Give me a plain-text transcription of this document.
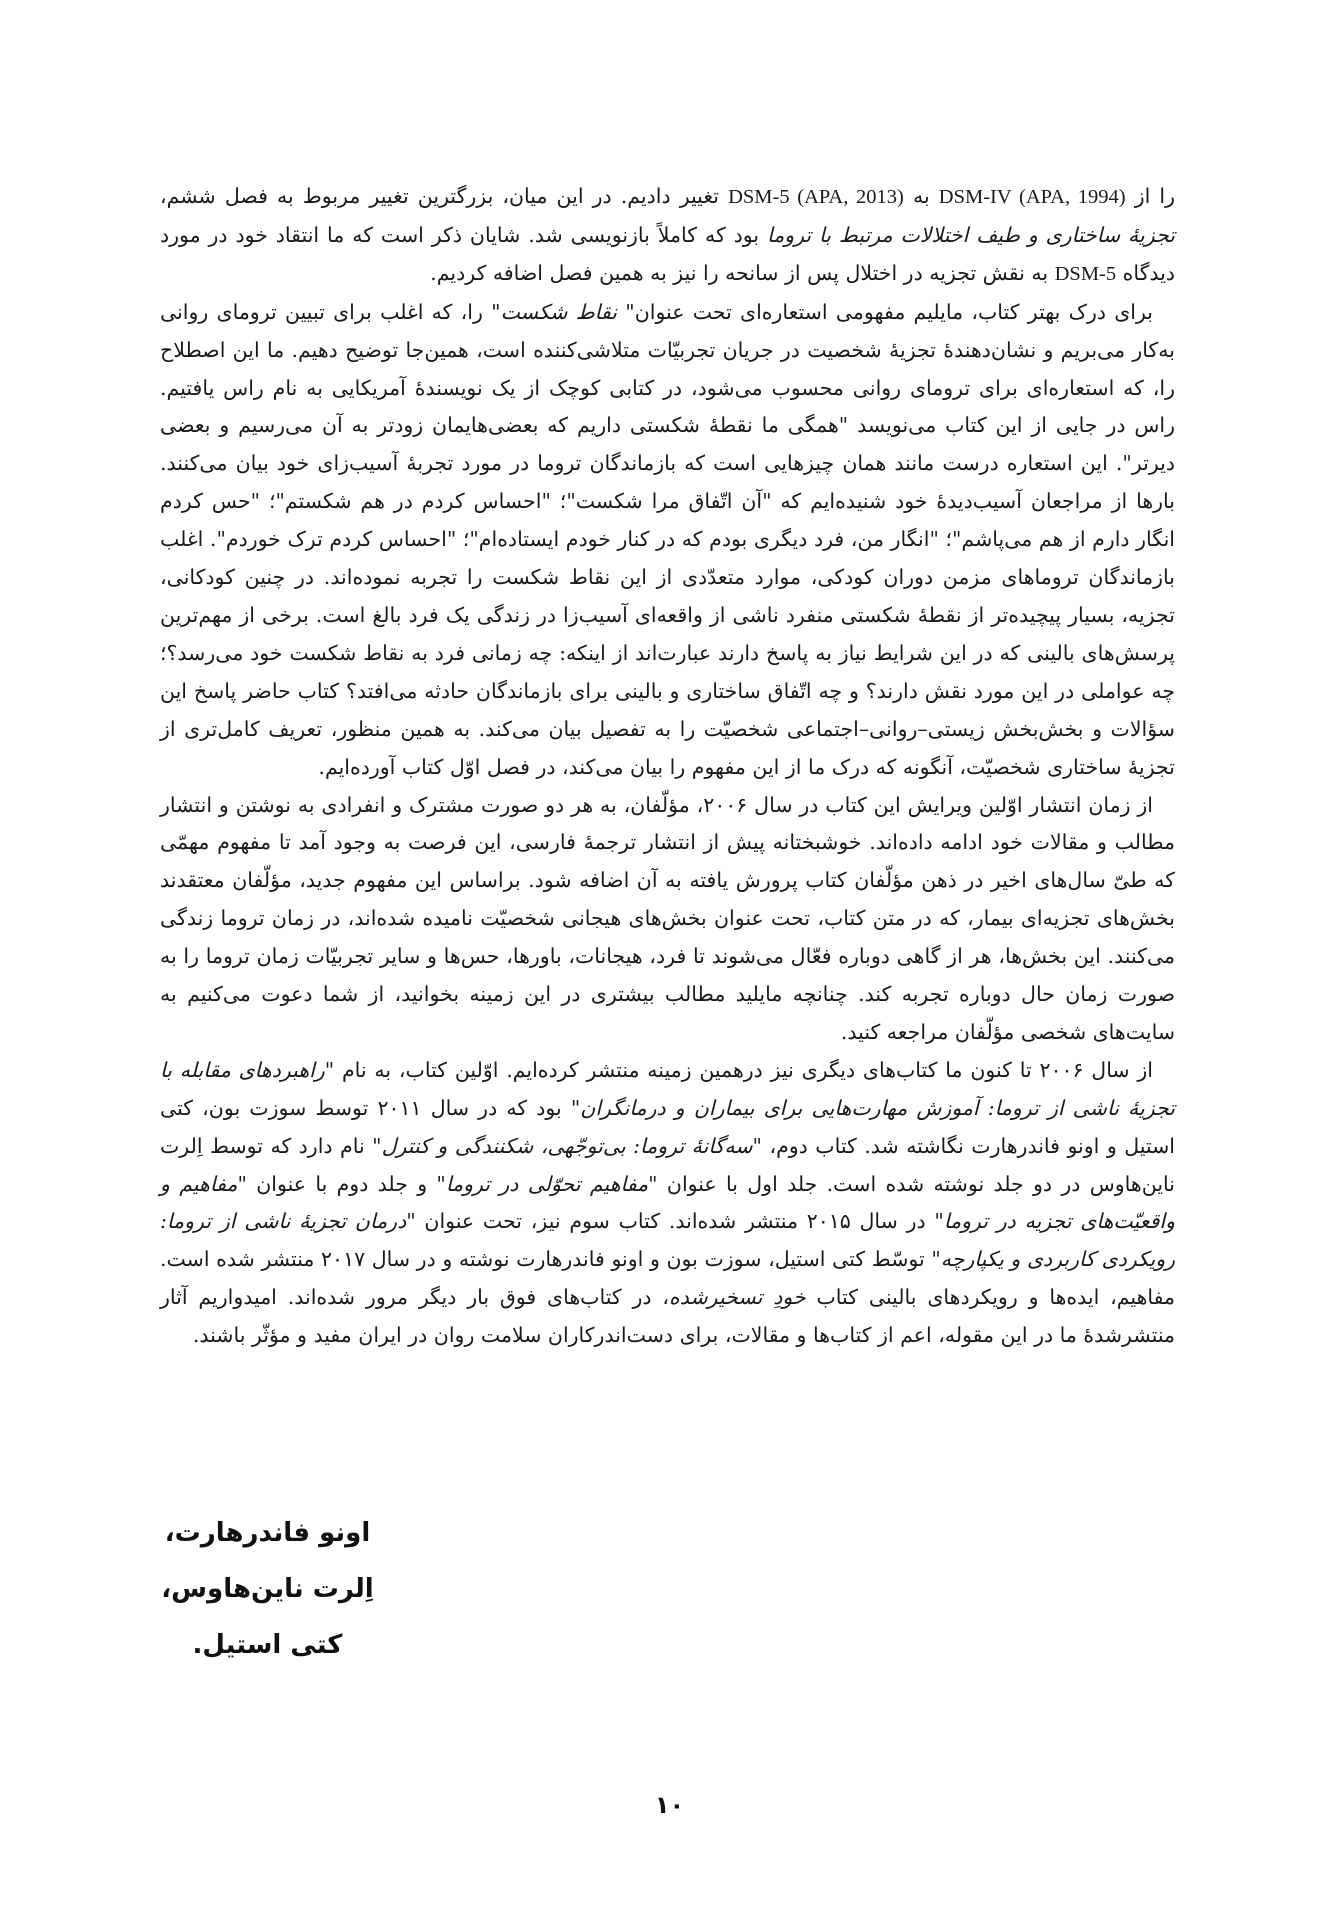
را از DSM-IV (APA, 1994) به DSM-5 (APA, 2013) تغییر دادیم. در این میان، بزرگترین تغییر مربوط به فصل ششم، تجزیهٔ ساختاری و طیف اختلالات مرتبط با تروما بود که کاملاً بازنویسی شد. شایان ذکر است که ما انتقاد خود در مورد دیدگاه DSM-5 به نقش تجزیه در اختلال پس از سانحه را نیز به همین فصل اضافه کردیم.

برای درک بهتر کتاب، مایلیم مفهومی استعاره‌ای تحت عنوان" نقاط شکست" را، که اغلب برای تبیین ترومای روانی به‌کار می‌بریم و نشان‌دهندهٔ تجزیهٔ شخصیت در جریان تجربیّات متلاشی‌کننده است، همین‌جا توضیح دهیم. ما این اصطلاح را، که استعاره‌ای برای ترومای روانی محسوب می‌شود، در کتابی کوچک از یک نویسندهٔ آمریکایی به نام راس یافتیم. راس در جایی از این کتاب می‌نویسد "همگی ما نقطهٔ شکستی داریم که بعضی‌هایمان زودتر به آن می‌رسیم و بعضی دیرتر". این استعاره درست مانند همان چیزهایی است که بازماندگان تروما در مورد تجربهٔ آسیب‌زای خود بیان می‌کنند. بارها از مراجعان آسیب‌دیدهٔ خود شنیده‌ایم که "آن اتّفاق مرا شکست"؛ "احساس کردم در هم شکستم"؛ "حس کردم انگار دارم از هم می‌پاشم"؛ "انگار من، فرد دیگری بودم که در کنار خودم ایستاده‌ام"؛ "احساس کردم ترک خوردم". اغلب بازماندگان تروماهای مزمن دوران کودکی، موارد متعدّدی از این نقاط شکست را تجربه نموده‌اند. در چنین کودکانی، تجزیه، بسیار پیچیده‌تر از نقطهٔ شکستی منفرد ناشی از واقعه‌ای آسیب‌زا در زندگی یک فرد بالغ است. برخی از مهم‌ترین پرسش‌های بالینی که در این شرایط نیاز به پاسخ دارند عبارت‌اند از اینکه: چه زمانی فرد به نقاط شکست خود می‌رسد؟؛ چه عواملی در این مورد نقش دارند؟ و چه اتّفاق ساختاری و بالینی برای بازماندگان حادثه می‌افتد؟ کتاب حاضر پاسخ این سؤالات و بخش‌بخش زیستی–روانی–اجتماعی شخصیّت را به تفصیل بیان می‌کند. به همین منظور، تعریف کامل‌تری از تجزیهٔ ساختاری شخصیّت، آنگونه که درک ما از این مفهوم را بیان می‌کند، در فصل اوّل کتاب آورده‌ایم.

از زمان انتشار اوّلین ویرایش این کتاب در سال ۲۰۰۶، مؤلّفان، به هر دو صورت مشترک و انفرادی به نوشتن و انتشار مطالب و مقالات خود ادامه داده‌اند. خوشبختانه پیش از انتشار ترجمهٔ فارسی، این فرصت به وجود آمد تا مفهوم مهمّی که طیّ سال‌های اخیر در ذهن مؤلّفان کتاب پرورش یافته به آن اضافه شود. براساس این مفهوم جدید، مؤلّفان معتقدند بخش‌های تجزیه‌ای بیمار، که در متن کتاب، تحت عنوان بخش‌های هیجانی شخصیّت نامیده شده‌اند، در زمان تروما زندگی می‌کنند. این بخش‌ها، هر از گاهی دوباره فعّال می‌شوند تا فرد، هیجانات، باورها، حس‌ها و سایر تجربیّات زمان تروما را به صورت زمان حال دوباره تجربه کند. چنانچه مایلید مطالب بیشتری در این زمینه بخوانید، از شما دعوت می‌کنیم به سایت‌های شخصی مؤلّفان مراجعه کنید.

از سال ۲۰۰۶ تا کنون ما کتاب‌های دیگری نیز درهمین زمینه منتشر کرده‌ایم. اوّلین کتاب، به نام "راهبردهای مقابله با تجزیهٔ ناشی از تروما: آموزش مهارت‌هایی برای بیماران و درمانگران" بود که در سال ۲۰۱۱ توسط سوزت بون، کتی استیل و اونو فاندرهارت نگاشته شد. کتاب دوم، "سه‌گانهٔ تروما: بی‌توجّهی، شکنندگی و کنترل" نام دارد که توسط اِلرت ناین‌هاوس در دو جلد نوشته شده است. جلد اول با عنوان "مفاهیم تحوّلی در تروما" و جلد دوم با عنوان "مفاهیم و واقعیّت‌های تجزیه در تروما" در سال ۲۰۱۵ منتشر شده‌اند. کتاب سوم نیز، تحت عنوان "درمان تجزیهٔ ناشی از تروما: رویکردی کاربردی و یکپارچه" توسّط کتی استیل، سوزت بون و اونو فاندرهارت نوشته و در سال ۲۰۱۷ منتشر شده است. مفاهیم، ایده‌ها و رویکردهای بالینی کتاب خودِ تسخیرشده، در کتاب‌های فوق بار دیگر مرور شده‌اند. امیدواریم آثار منتشرشدهٔ ما در این مقوله، اعم از کتاب‌ها و مقالات، برای دست‌اندرکاران سلامت روان در ایران مفید و مؤثّر باشند.

اونو فاندرهارت،
اِلرت ناین‌هاوس،
کتی استیل.
۱۰
